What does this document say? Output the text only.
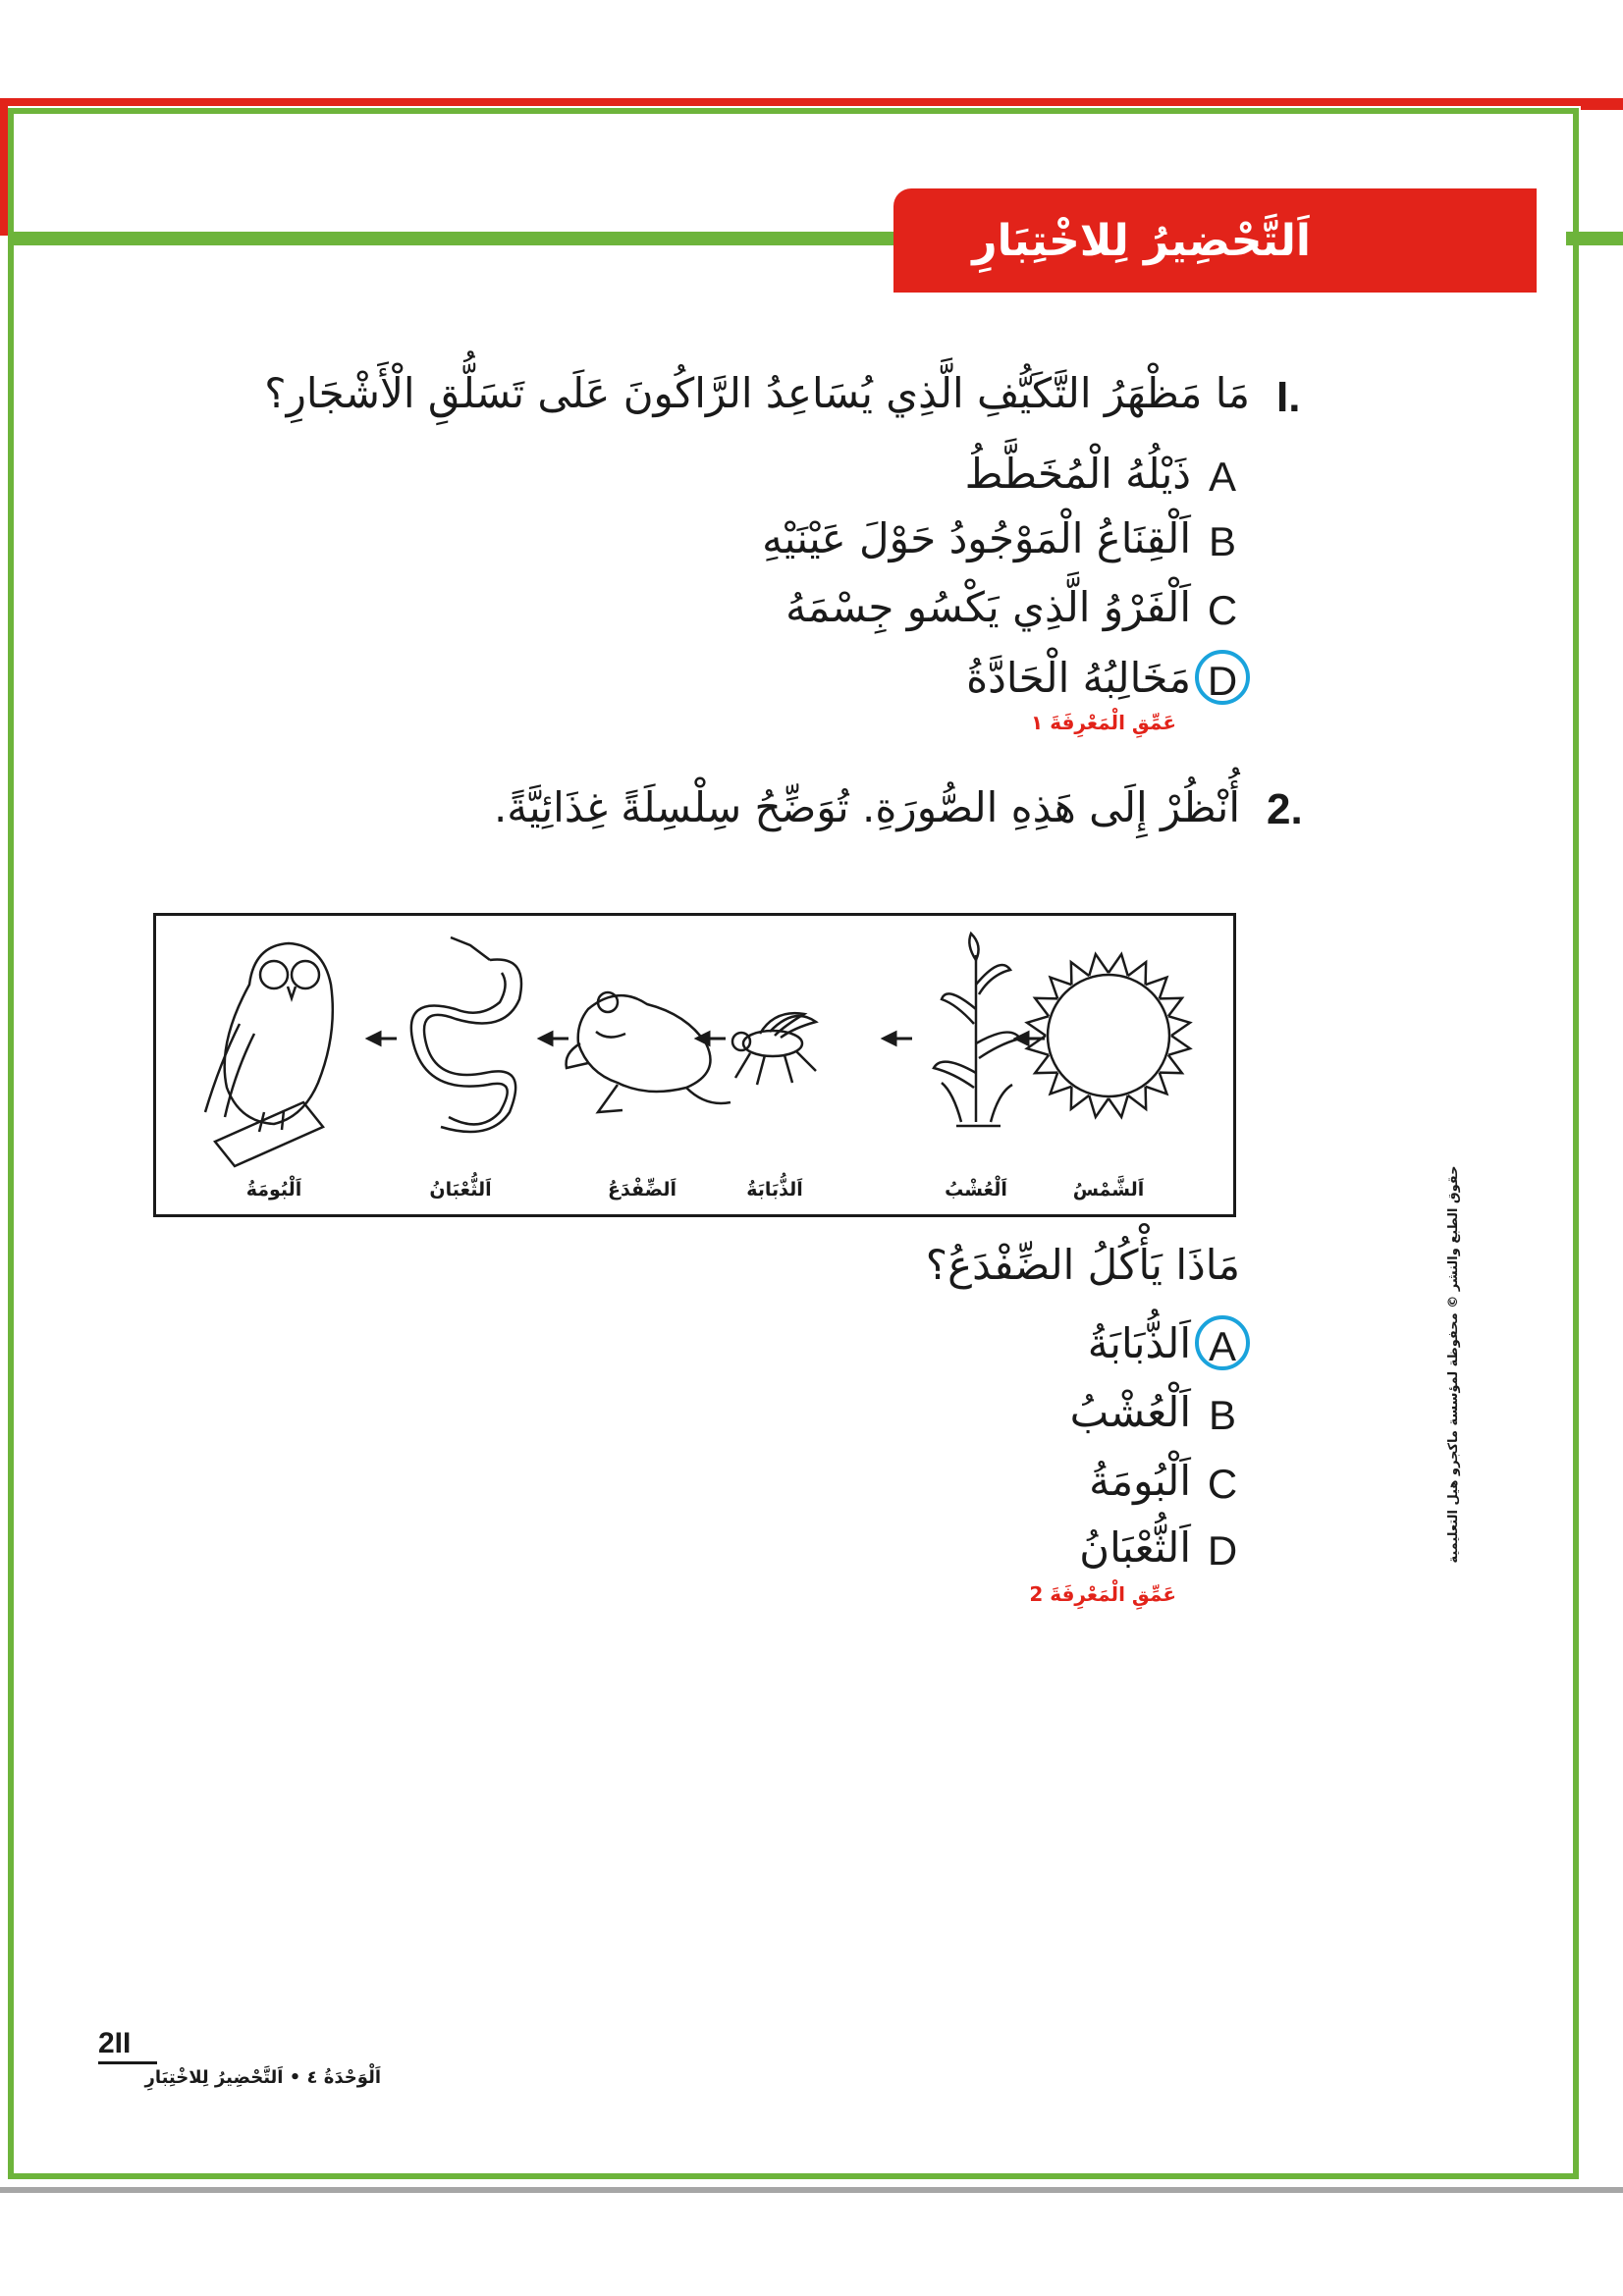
اَلتَّحْضِيرُ لِلاخْتِبَارِ
I.
مَا مَظْهَرُ التَّكَيُّفِ الَّذِي يُسَاعِدُ الرَّاكُونَ عَلَى تَسَلُّقِ الْأَشْجَارِ؟
A
ذَيْلُهُ الْمُخَطَّطُ
B
اَلْقِنَاعُ الْمَوْجُودُ حَوْلَ عَيْنَيْهِ
C
اَلْفَرْوُ الَّذِي يَكْسُو جِسْمَهُ
D
مَخَالِبُهُ الْحَادَّةُ
عَمِّقِ الْمَعْرِفَةَ ١
2.
أُنْظُرْ إِلَى هَذِهِ الصُّورَةِ. تُوَضِّحُ سِلْسِلَةً غِذَائِيَّةً.
اَلشَّمْسُ
اَلْعُشْبُ
اَلذُّبَابَةُ
اَلضِّفْدَعُ
اَلثُّعْبَانُ
اَلْبُومَةُ
مَاذَا يَأْكُلُ الضِّفْدَعُ؟
A
اَلذُّبَابَةُ
B
اَلْعُشْبُ
C
اَلْبُومَةُ
D
اَلثُّعْبَانُ
عَمِّقِ الْمَعْرِفَةَ 2
حقوق الطبع والنشر © محفوظة لمؤسسة ماكجرو هيل التعليمية
2II
اَلْوَحْدَةُ ٤ • اَلتَّحْضِيرُ لِلاخْتِبَارِ
